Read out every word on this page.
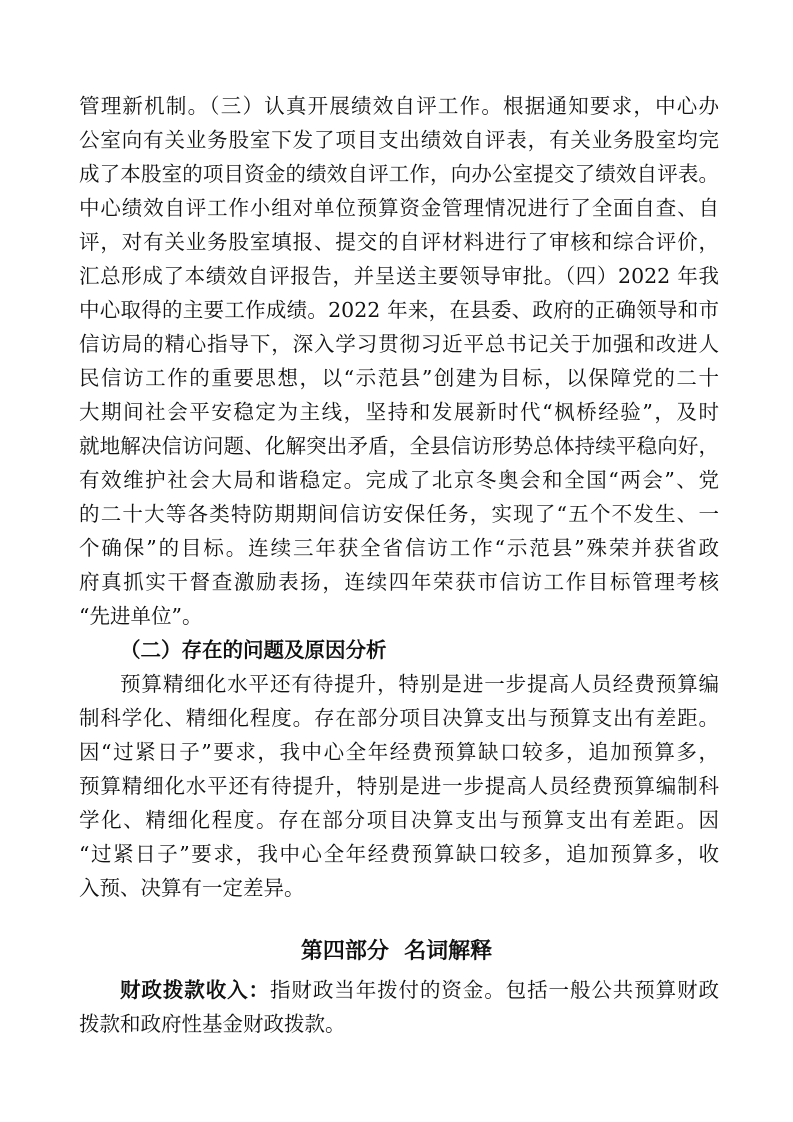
管理新机制。（三）认真开展绩效自评工作。根据通知要求，中心办
公室向有关业务股室下发了项目支出绩效自评表，有关业务股室均完
成了本股室的项目资金的绩效自评工作，向办公室提交了绩效自评表。
中心绩效自评工作小组对单位预算资金管理情况进行了全面自查、自
评，对有关业务股室填报、提交的自评材料进行了审核和综合评价，
汇总形成了本绩效自评报告，并呈送主要领导审批。（四）2022 年我
中心取得的主要工作成绩。2022 年来，在县委、政府的正确领导和市
信访局的精心指导下，深入学习贯彻习近平总书记关于加强和改进人
民信访工作的重要思想，以“示范县”创建为目标，以保障党的二十
大期间社会平安稳定为主线，坚持和发展新时代“枫桥经验”，及时
就地解决信访问题、化解突出矛盾，全县信访形势总体持续平稳向好，
有效维护社会大局和谐稳定。完成了北京冬奥会和全国“两会”、党
的二十大等各类特防期期间信访安保任务，实现了“五个不发生、一
个确保”的目标。连续三年获全省信访工作“示范县”殊荣并获省政
府真抓实干督查激励表扬，连续四年荣获市信访工作目标管理考核
“先进单位”。
（二）存在的问题及原因分析
预算精细化水平还有待提升，特别是进一步提高人员经费预算编
制科学化、精细化程度。存在部分项目决算支出与预算支出有差距。
因“过紧日子”要求，我中心全年经费预算缺口较多，追加预算多，
预算精细化水平还有待提升，特别是进一步提高人员经费预算编制科
学化、精细化程度。存在部分项目决算支出与预算支出有差距。因
“过紧日子”要求，我中心全年经费预算缺口较多，追加预算多，收
入预、决算有一定差异。
第四部分  名词解释
财政拨款收入：指财政当年拨付的资金。包括一般公共预算财政
拨款和政府性基金财政拨款。
